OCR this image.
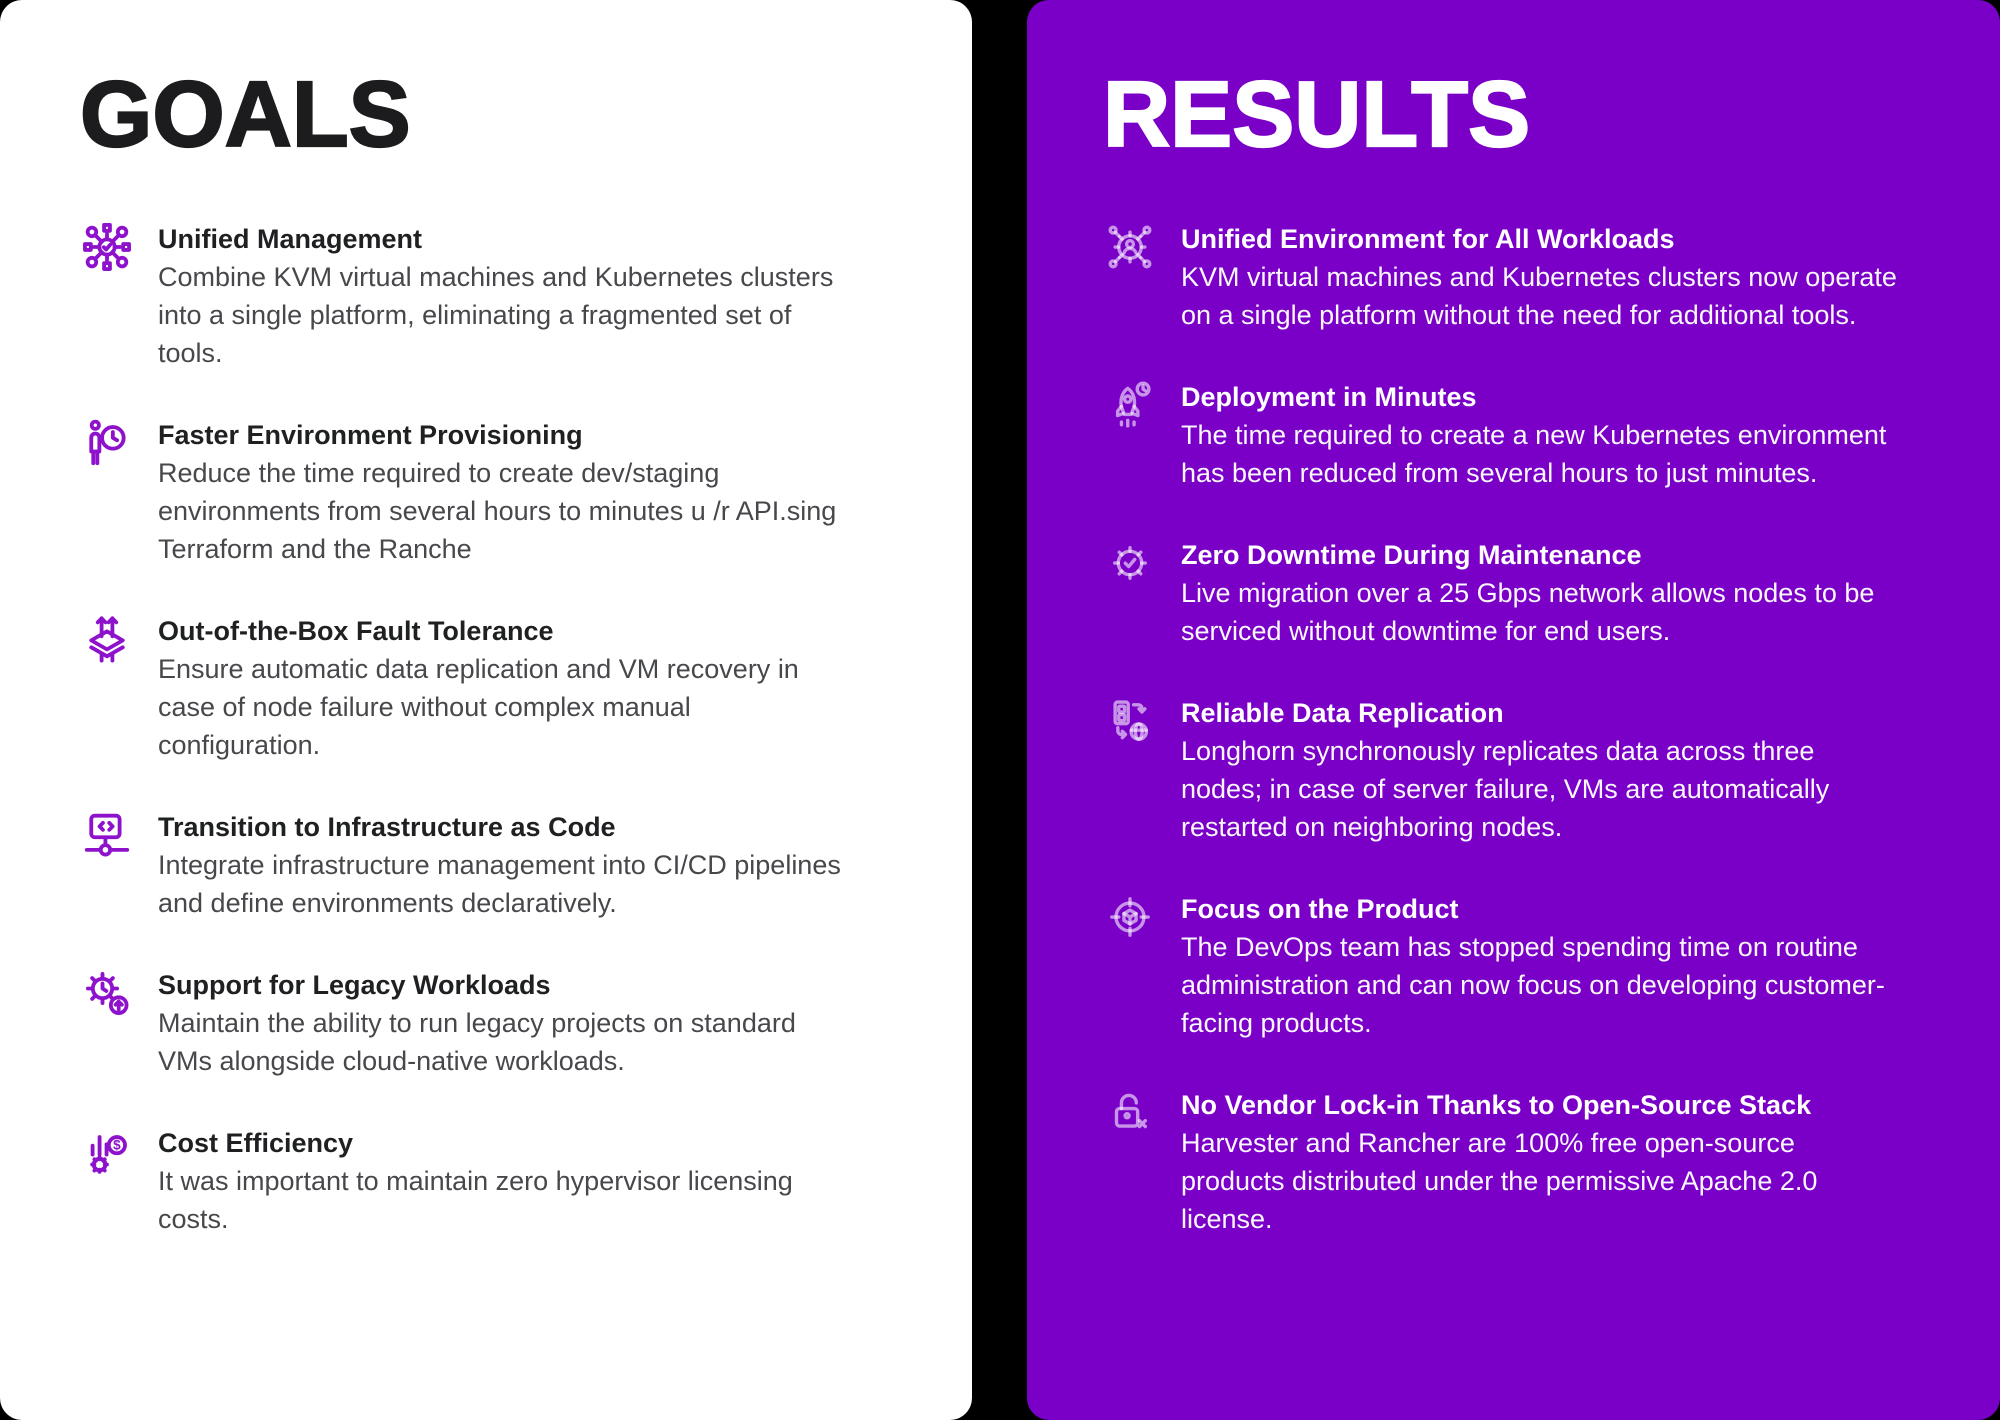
GOALS
Unified Management
Combine KVM virtual machines and Kubernetes clusters into a single platform, eliminating a fragmented set of tools.
Faster Environment Provisioning
Reduce the time required to create dev/staging environments from several hours to minutes u /r API.sing Terraform and the Ranche
Out-of-the-Box Fault Tolerance
Ensure automatic data replication and VM recovery in case of node failure without complex manual configuration.
Transition to Infrastructure as Code
Integrate infrastructure management into CI/CD pipelines and define environments declaratively.
Support for Legacy Workloads
Maintain the ability to run legacy projects on standard VMs alongside cloud-native workloads.
$ Cost Efficiency
It was important to maintain zero hypervisor licensing costs.
RESULTS
Unified Environment for All Workloads
KVM virtual machines and Kubernetes clusters now operate on a single platform without the need for additional tools.
Deployment in Minutes
The time required to create a new Kubernetes environment has been reduced from several hours to just minutes.
Zero Downtime During Maintenance
Live migration over a 25 Gbps network allows nodes to be serviced without downtime for end users.
Reliable Data Replication
Longhorn synchronously replicates data across three nodes; in case of server failure, VMs are automatically restarted on neighboring nodes.
Focus on the Product
The DevOps team has stopped spending time on routine administration and can now focus on developing customer-facing products.
No Vendor Lock-in Thanks to Open-Source Stack
Harvester and Rancher are 100% free open-source products distributed under the permissive Apache 2.0 license.
